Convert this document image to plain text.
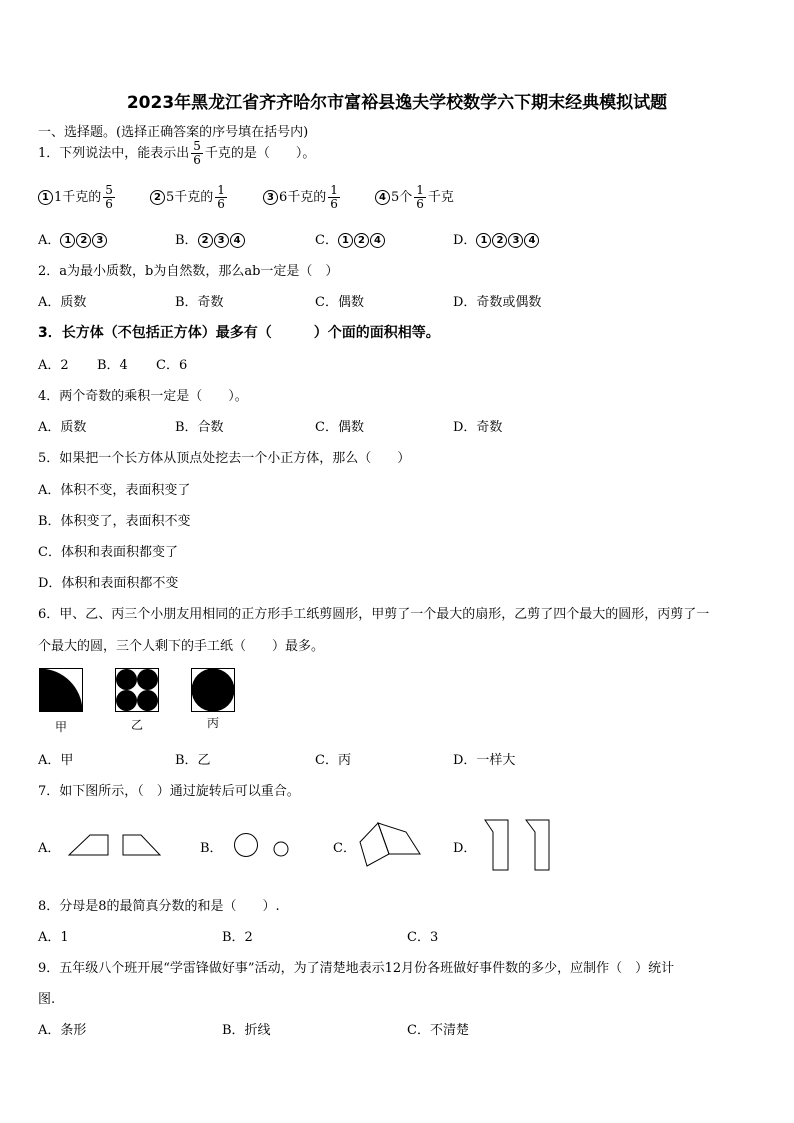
2023年黑龙江省齐齐哈尔市富裕县逸夫学校数学六下期末经典模拟试题
一、选择题。(选择正确答案的序号填在括号内)
1．下列说法中，能表示出 $\frac{5}{6}$ 千克的是（　　）。
1 1千克的 $\frac{5}{6}$	2 5千克的 $\frac{1}{6}$	3 6千克的 $\frac{1}{6}$	4 5个 $\frac{1}{6}$ 千克
A． 1 2 3	B． 2 3 4	C． 1 2 4	D． 1 2 3 4
2．a为最小质数，b为自然数，那么ab一定是（　）
A．质数	B．奇数	C．偶数	D．奇数或偶数
3．长方体（不包括正方体）最多有（　　　）个面的面积相等。
A．2 B．4 C．6
4．两个奇数的乘积一定是（　　）。
A．质数	B．合数	C．偶数	D．奇数
5．如果把一个长方体从顶点处挖去一个小正方体，那么（　　）
A．体积不变，表面积变了
B．体积变了，表面积不变
C．体积和表面积都变了
D．体积和表面积都不变
6．甲、乙、丙三个小朋友用相同的正方形手工纸剪圆形，甲剪了一个最大的扇形，乙剪了四个最大的圆形，丙剪了一
个最大的圆，三个人剩下的手工纸（　　）最多。
甲	乙	丙
A．甲	B．乙	C．丙	D．一样大
7．如下图所示，（　）通过旋转后可以重合。
A．	B．	C．	D．
8．分母是8的最简真分数的和是（　　）.
A．1	B．2	C．3
9．五年级八个班开展“学雷锋做好事”活动，为了清楚地表示12月份各班做好事件数的多少，应制作（　）统计
图.
A．条形	B．折线	C．不清楚
